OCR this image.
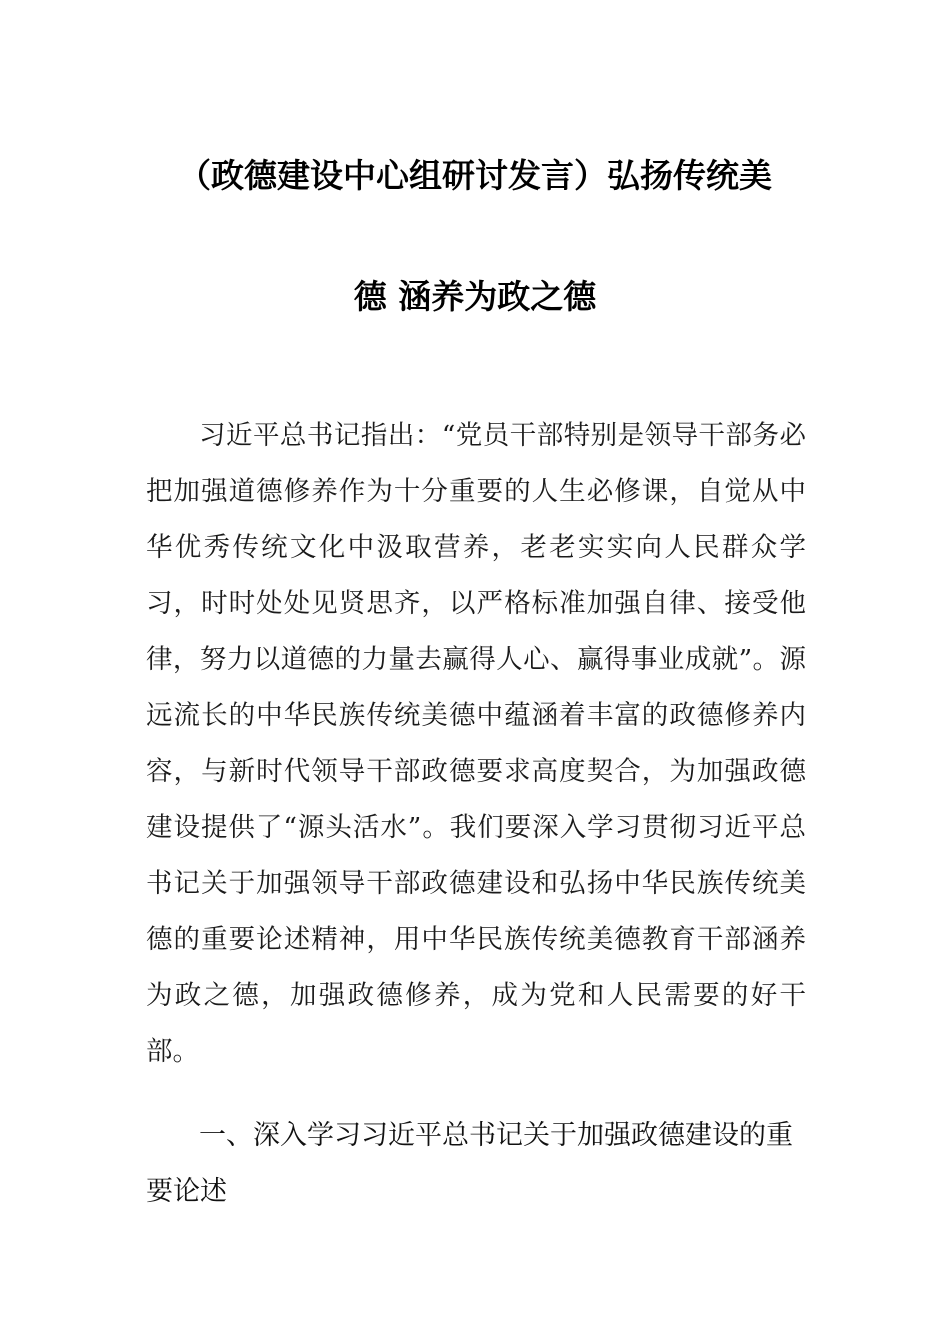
（政德建设中心组研讨发言）弘扬传统美
德 涵养为政之德

习近平总书记指出：“党员干部特别是领导干部务必把加强道德修养作为十分重要的人生必修课，自觉从中华优秀传统文化中汲取营养，老老实实向人民群众学习，时时处处见贤思齐，以严格标准加强自律、接受他律，努力以道德的力量去赢得人心、赢得事业成就”。源远流长的中华民族传统美德中蕴涵着丰富的政德修养内容，与新时代领导干部政德要求高度契合，为加强政德建设提供了“源头活水”。我们要深入学习贯彻习近平总书记关于加强领导干部政德建设和弘扬中华民族传统美德的重要论述精神，用中华民族传统美德教育干部涵养为政之德，加强政德修养，成为党和人民需要的好干部。

一、深入学习习近平总书记关于加强政德建设的重要论述
